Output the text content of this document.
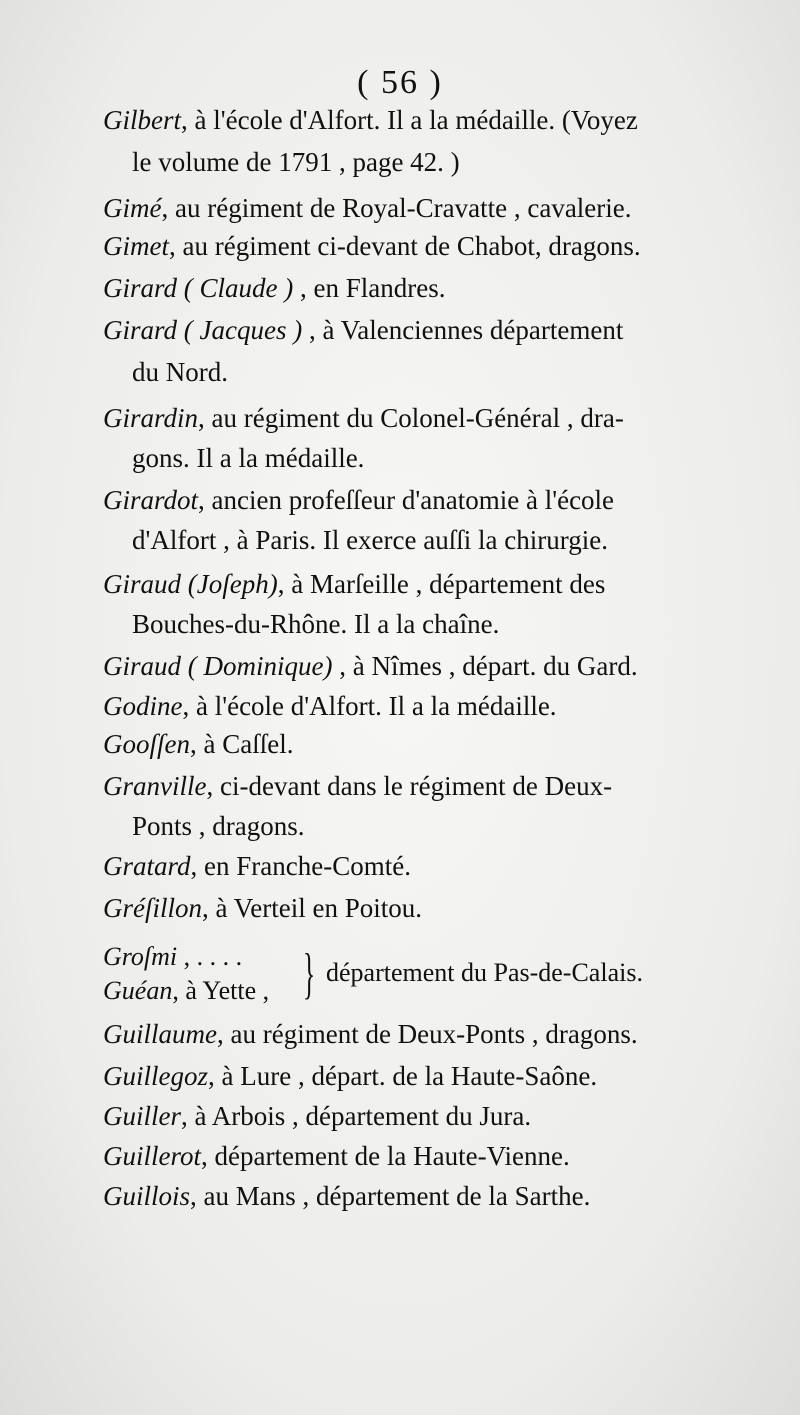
( 56 )
Gilbert, à l'école d'Alfort. Il a la médaille. (Voyez
le volume de 1791 , page 42. )
Gimé, au régiment de Royal-Cravatte , cavalerie.
Gimet, au régiment ci-devant de Chabot, dragons.
Girard ( Claude ) , en Flandres.
Girard ( Jacques ) , à Valenciennes département
du Nord.
Girardin, au régiment du Colonel-Général , dra-
gons. Il a la médaille.
Girardot, ancien profeſſeur d'anatomie à l'école
d'Alfort , à Paris. Il exerce auſſi la chirurgie.
Giraud (Joſeph), à Marſeille , département des
Bouches-du-Rhône. Il a la chaîne.
Giraud ( Dominique) , à Nîmes , départ. du Gard.
Godine, à l'école d'Alfort. Il a la médaille.
Gooſſen, à Caſſel.
Granville, ci-devant dans le régiment de Deux-
Ponts , dragons.
Gratard, en Franche-Comté.
Gréſillon, à Verteil en Poitou.
Groſmi , . . . .
Guéan, à Yette , } département du Pas-de-Calais.
Guillaume, au régiment de Deux-Ponts , dragons.
Guillegoz, à Lure , départ. de la Haute-Saône.
Guiller, à Arbois , département du Jura.
Guillerot, département de la Haute-Vienne.
Guillois, au Mans , département de la Sarthe.
